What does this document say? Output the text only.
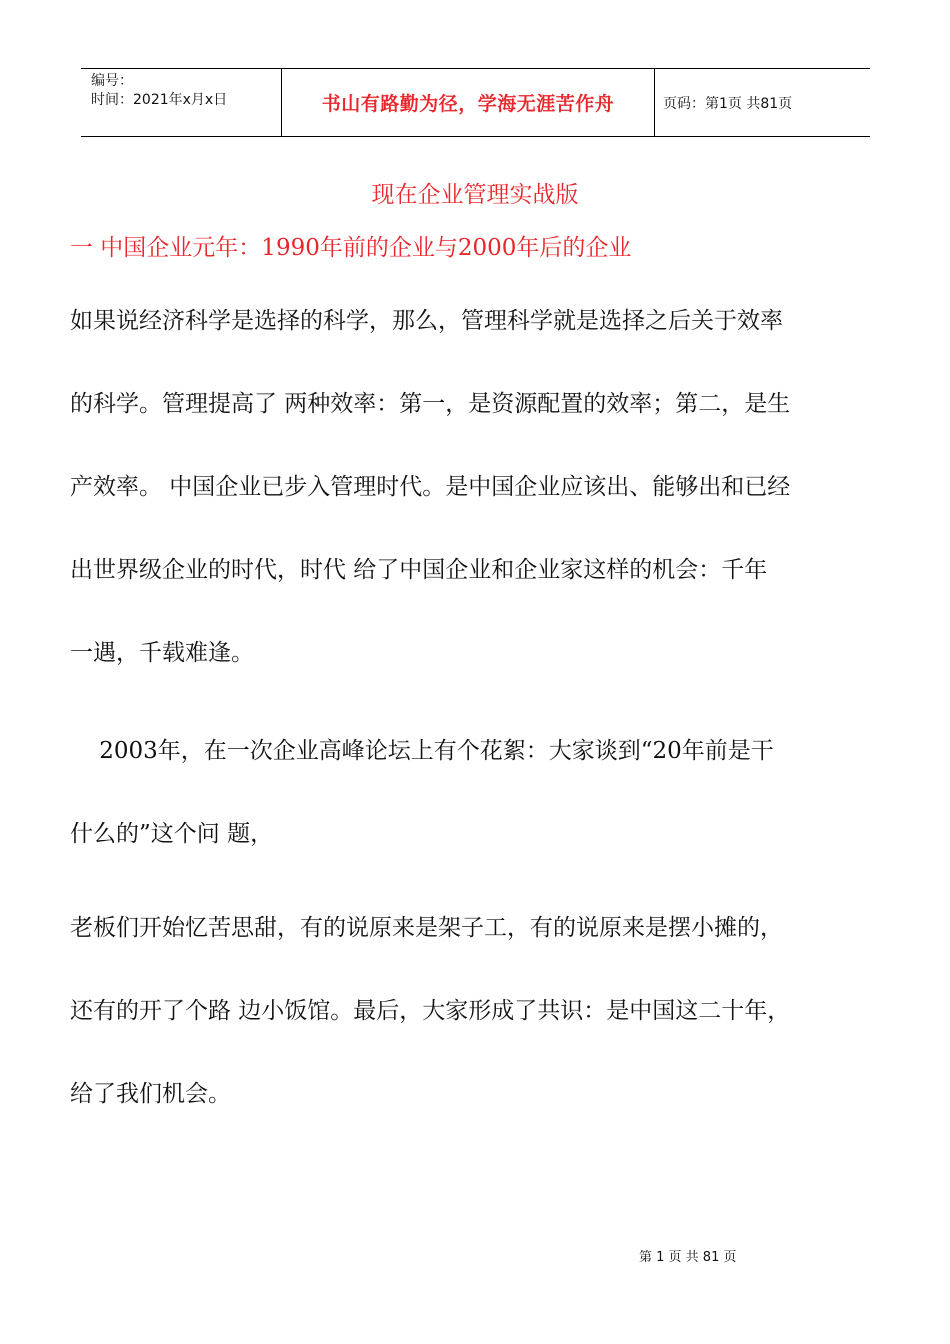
编号：
时间：2021年x月x日	书山有路勤为径，学海无涯苦作舟	页码：第1页 共81页
现在企业管理实战版
一 中国企业元年：1990年前的企业与2000年后的企业
如果说经济科学是选择的科学，那么，管理科学就是选择之后关于效率
的科学。管理提高了 两种效率：第一，是资源配置的效率；第二，是生
产效率。 中国企业已步入管理时代。是中国企业应该出、能够出和已经
出世界级企业的时代，时代 给了中国企业和企业家这样的机会：千年
一遇，千载难逢。
2003年，在一次企业高峰论坛上有个花絮：大家谈到“20年前是干
什么的”这个问 题，
老板们开始忆苦思甜，有的说原来是架子工，有的说原来是摆小摊的，
还有的开了个路 边小饭馆。最后，大家形成了共识：是中国这二十年，
给了我们机会。
第 1 页 共 81 页
